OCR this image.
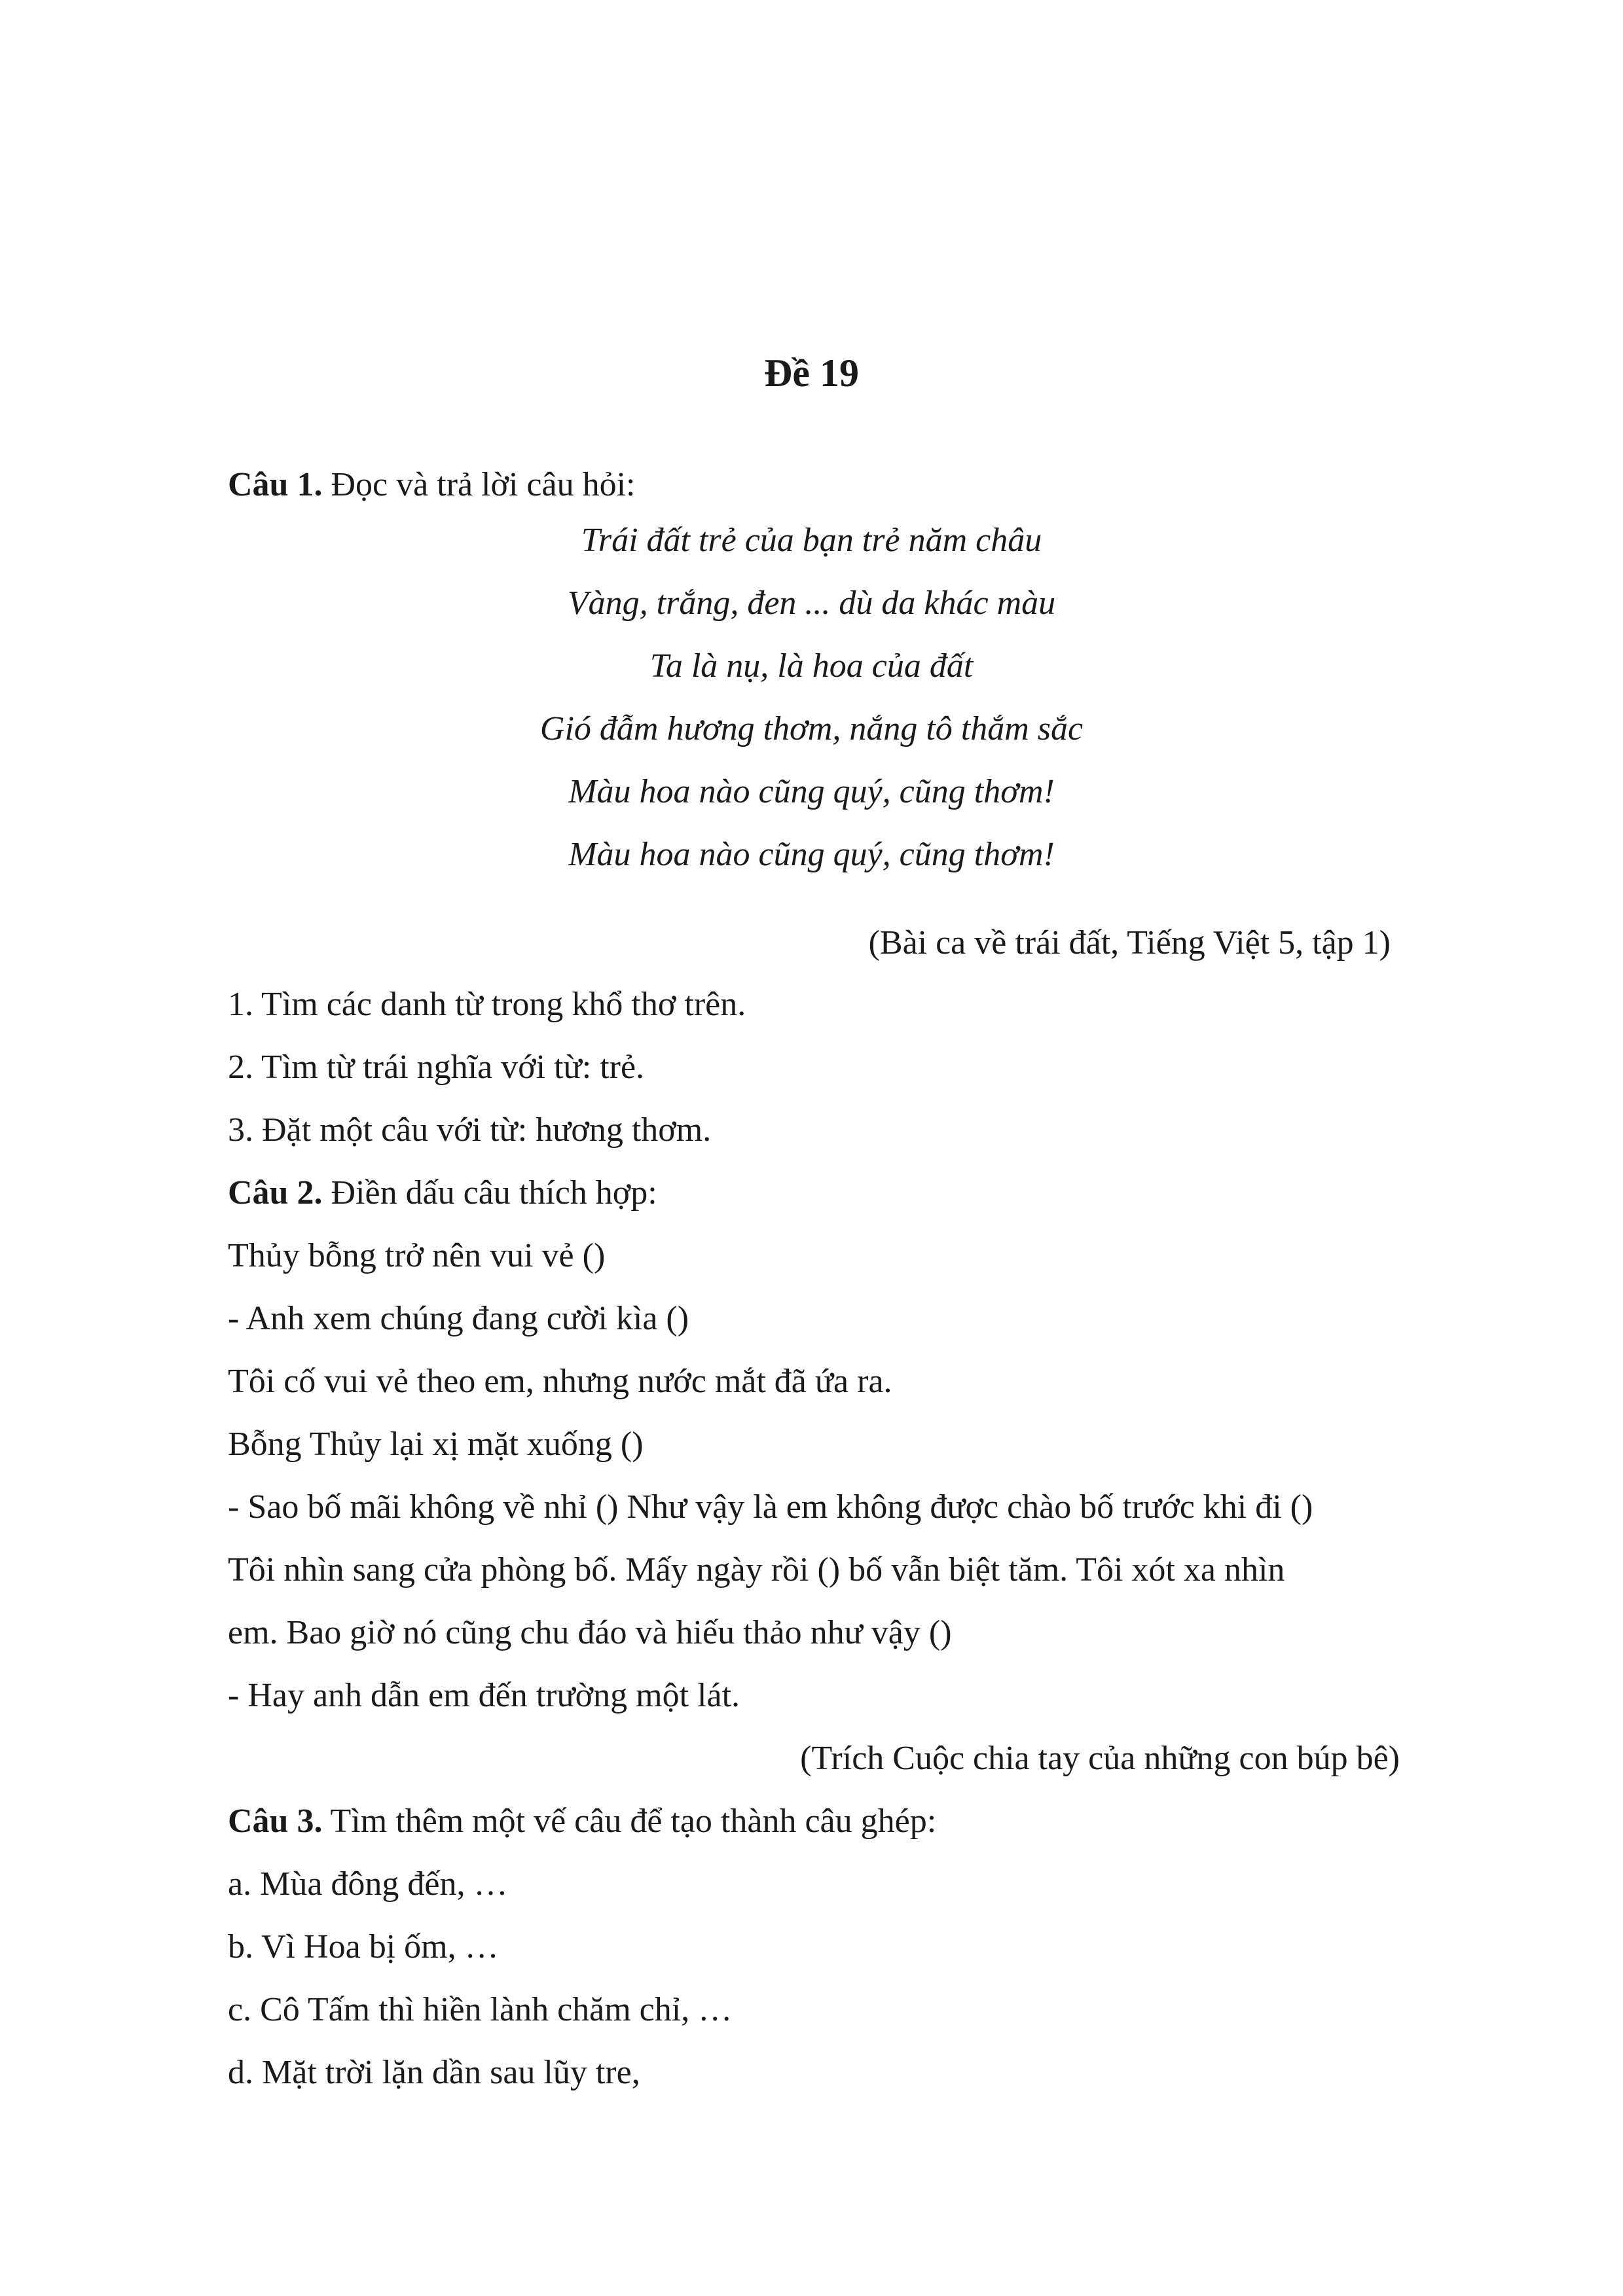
Đề 19
Câu 1. Đọc và trả lời câu hỏi:
Trái đất trẻ của bạn trẻ năm châu
Vàng, trắng, đen ... dù da khác màu
Ta là nụ, là hoa của đất
Gió đẫm hương thơm, nắng tô thắm sắc
Màu hoa nào cũng quý, cũng thơm!
Màu hoa nào cũng quý, cũng thơm!
(Bài ca về trái đất, Tiếng Việt 5, tập 1)
1. Tìm các danh từ trong khổ thơ trên.
2. Tìm từ trái nghĩa với từ: trẻ.
3. Đặt một câu với từ: hương thơm.
Câu 2. Điền dấu câu thích hợp:
Thủy bỗng trở nên vui vẻ ()
- Anh xem chúng đang cười kìa ()
Tôi cố vui vẻ theo em, nhưng nước mắt đã ứa ra.
Bỗng Thủy lại xị mặt xuống ()
- Sao bố mãi không về nhỉ () Như vậy là em không được chào bố trước khi đi ()
Tôi nhìn sang cửa phòng bố. Mấy ngày rồi () bố vẫn biệt tăm. Tôi xót xa nhìn
em. Bao giờ nó cũng chu đáo và hiếu thảo như vậy ()
- Hay anh dẫn em đến trường một lát.
(Trích Cuộc chia tay của những con búp bê)
Câu 3. Tìm thêm một vế câu để tạo thành câu ghép:
a. Mùa đông đến, …
b. Vì Hoa bị ốm, …
c. Cô Tấm thì hiền lành chăm chỉ, …
d. Mặt trời lặn dần sau lũy tre,
